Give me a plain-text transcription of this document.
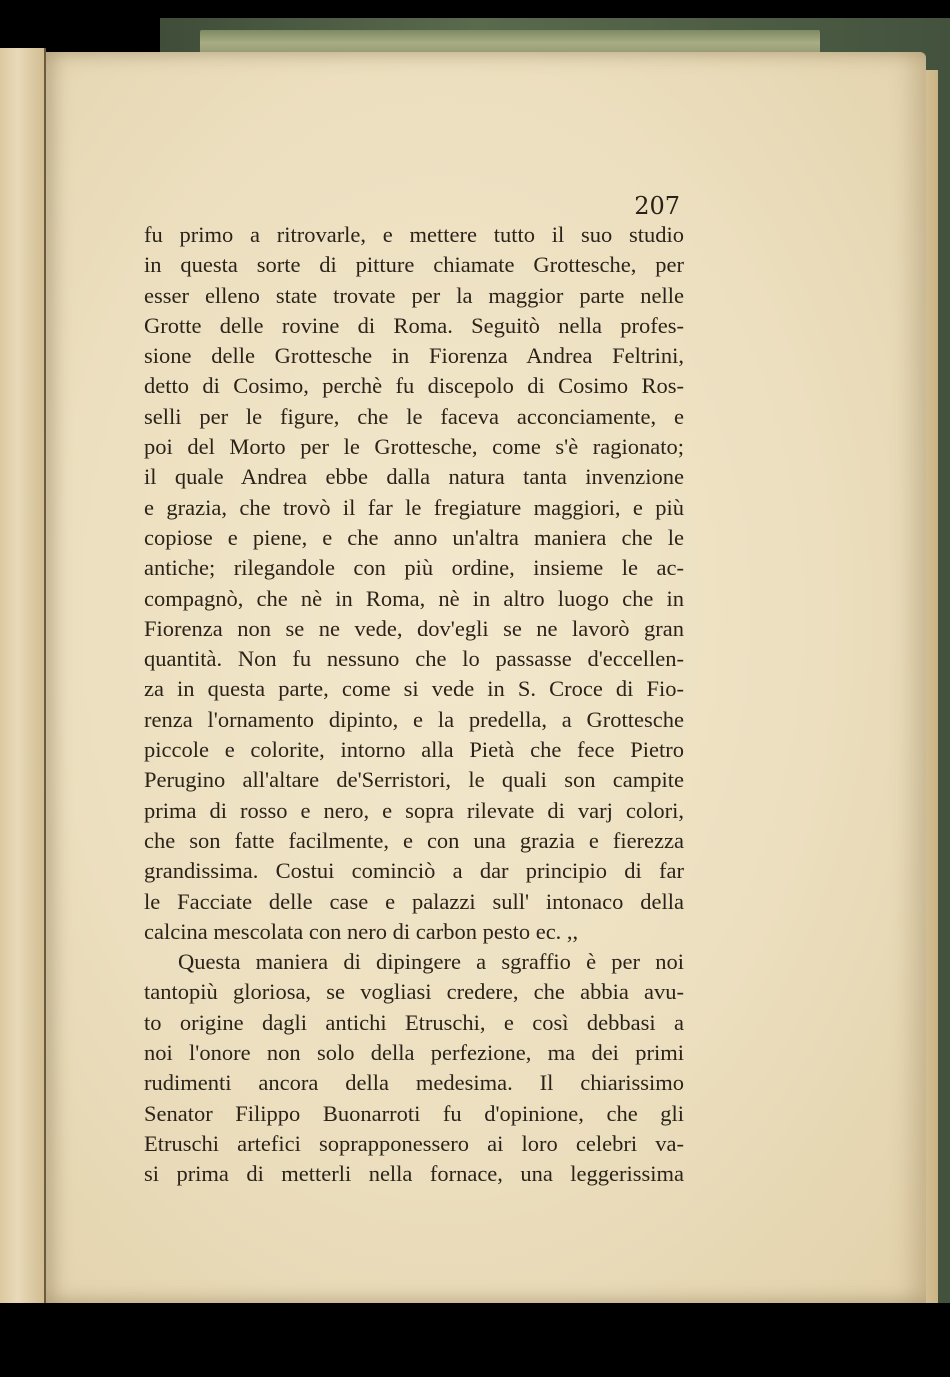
207

fu primo a ritrovarle, e mettere tutto il suo studio
in questa sorte di pitture chiamate Grottesche, per
esser elleno state trovate per la maggior parte nelle
Grotte delle rovine di Roma. Seguitò nella profes-
sione delle Grottesche in Fiorenza Andrea Feltrini,
detto di Cosimo, perchè fu discepolo di Cosimo Ros-
selli per le figure, che le faceva acconciamente, e
poi del Morto per le Grottesche, come s'è ragionato;
il quale Andrea ebbe dalla natura tanta invenzione
e grazia, che trovò il far le fregiature maggiori, e più
copiose e piene, e che anno un'altra maniera che le
antiche; rilegandole con più ordine, insieme le ac-
compagnò, che nè in Roma, nè in altro luogo che in
Fiorenza non se ne vede, dov'egli se ne lavorò gran
quantità. Non fu nessuno che lo passasse d'eccellen-
za in questa parte, come si vede in S. Croce di Fio-
renza l'ornamento dipinto, e la predella, a Grottesche
piccole e colorite, intorno alla Pietà che fece Pietro
Perugino all'altare de'Serristori, le quali son campite
prima di rosso e nero, e sopra rilevate di varj colori,
che son fatte facilmente, e con una grazia e fierezza
grandissima. Costui cominciò a dar principio di far
le Facciate delle case e palazzi sull' intonaco della
calcina mescolata con nero di carbon pesto ec. ,,
Questa maniera di dipingere a sgraffio è per noi
tantopiù gloriosa, se vogliasi credere, che abbia avu-
to origine dagli antichi Etruschi, e così debbasi a
noi l'onore non solo della perfezione, ma dei primi
rudimenti ancora della medesima. Il chiarissimo
Senator Filippo Buonarroti fu d'opinione, che gli
Etruschi artefici soprapponessero ai loro celebri va-
si prima di metterli nella fornace, una leggerissima
